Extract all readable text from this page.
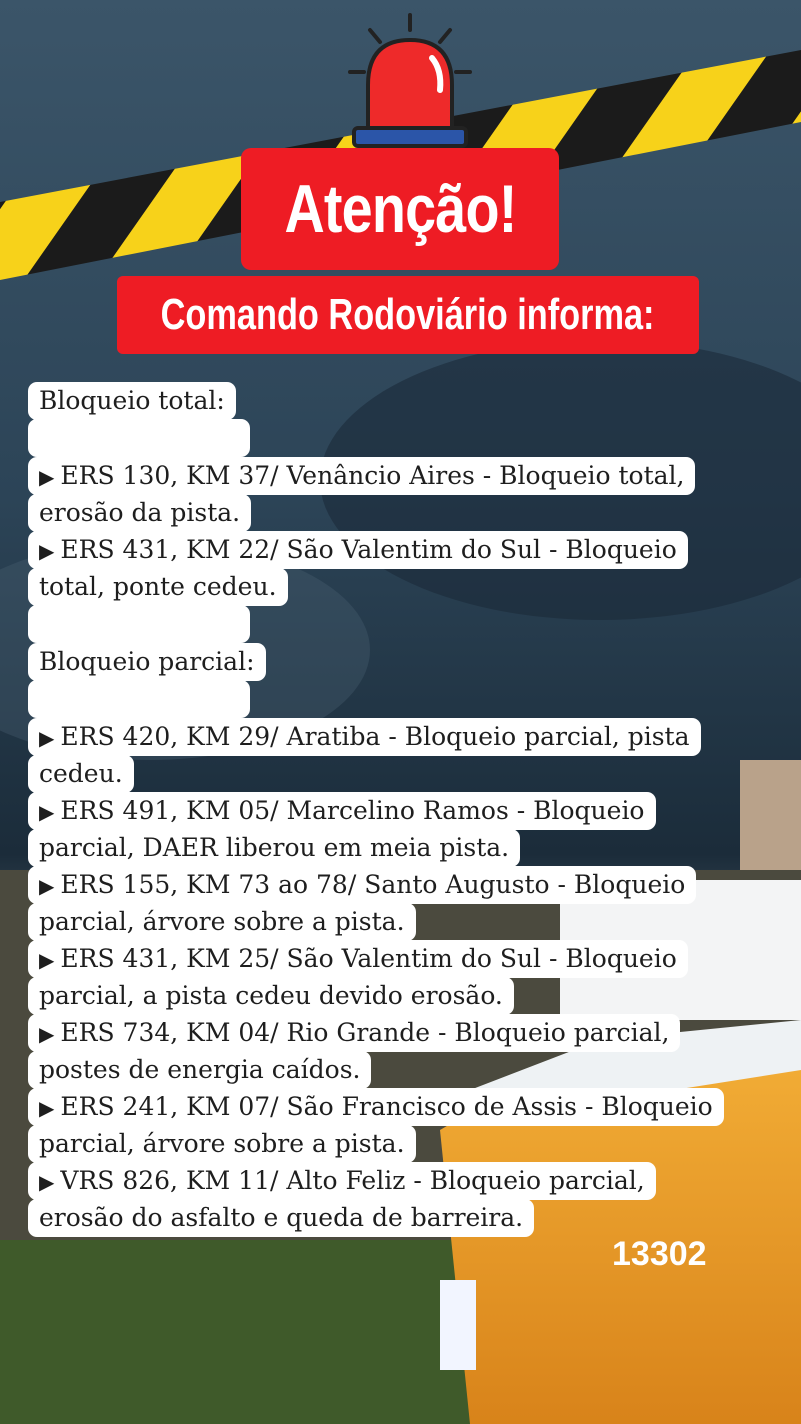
13302
Atenção!
Comando Rodoviário informa:
Bloqueio total:

▶ ERS 130, KM 37/ Venâncio Aires - Bloqueio total,
erosão da pista.
▶ ERS 431, KM 22/ São Valentim do Sul - Bloqueio
total, ponte cedeu.

Bloqueio parcial:

▶ ERS 420, KM 29/ Aratiba - Bloqueio parcial, pista
cedeu.
▶ ERS 491, KM 05/ Marcelino Ramos - Bloqueio
parcial, DAER liberou em meia pista.
▶ ERS 155, KM 73 ao 78/ Santo Augusto - Bloqueio
parcial, árvore sobre a pista.
▶ ERS 431, KM 25/ São Valentim do Sul - Bloqueio
parcial, a pista cedeu devido erosão.
▶ ERS 734, KM 04/ Rio Grande - Bloqueio parcial,
postes de energia caídos.
▶ ERS 241, KM 07/ São Francisco de Assis - Bloqueio
parcial, árvore sobre a pista.
▶ VRS 826, KM 11/ Alto Feliz - Bloqueio parcial,
erosão do asfalto e queda de barreira.
